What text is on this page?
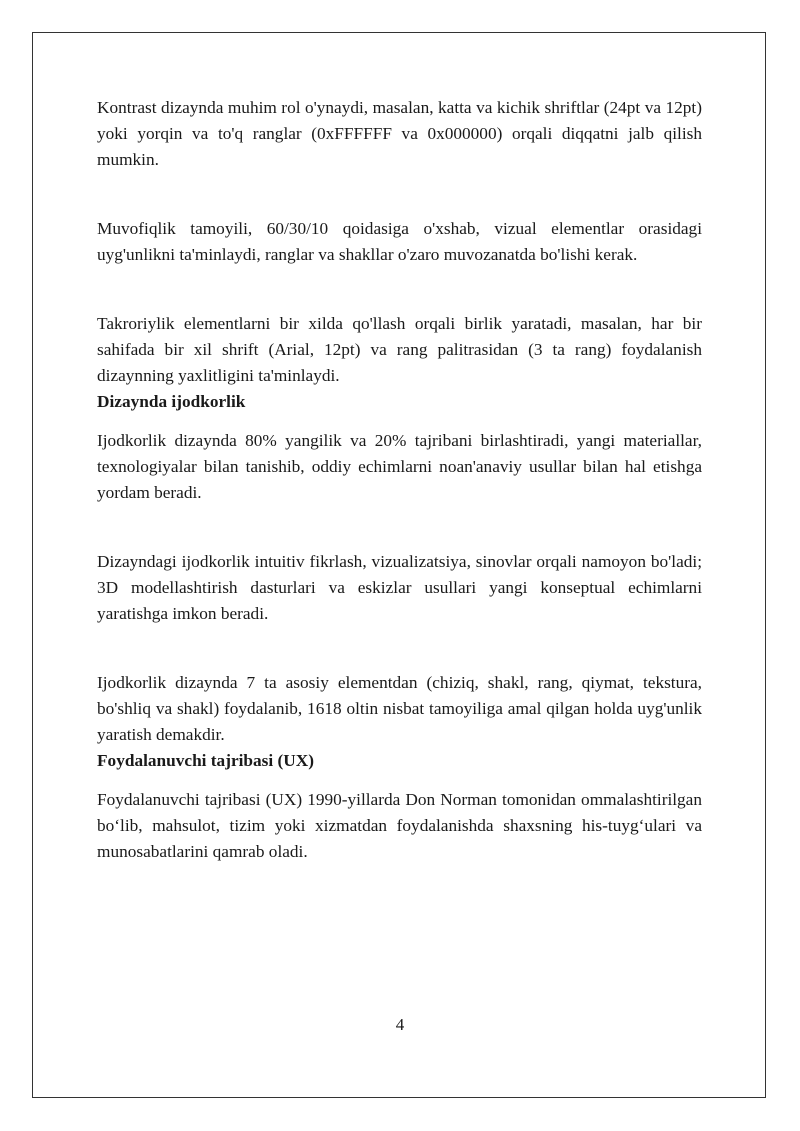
Kontrast dizaynda muhim rol o'ynaydi, masalan, katta va kichik shriftlar (24pt va 12pt) yoki yorqin va to'q ranglar (0xFFFFFF va 0x000000) orqali diqqatni jalb qilish mumkin.

Muvofiqlik tamoyili, 60/30/10 qoidasiga o'xshab, vizual elementlar orasidagi uyg'unlikni ta'minlaydi, ranglar va shakllar o'zaro muvozanatda bo'lishi kerak.

Takroriylik elementlarni bir xilda qo'llash orqali birlik yaratadi, masalan, har bir sahifada bir xil shrift (Arial, 12pt) va rang palitrasidan (3 ta rang) foydalanish dizaynning yaxlitligini ta'minlaydi.

Dizaynda ijodkorlik

Ijodkorlik dizaynda 80% yangilik va 20% tajribani birlashtiradi, yangi materiallar, texnologiyalar bilan tanishib, oddiy echimlarni noan'anaviy usullar bilan hal etishga yordam beradi.

Dizayndagi ijodkorlik intuitiv fikrlash, vizualizatsiya, sinovlar orqali namoyon bo'ladi; 3D modellashtirish dasturlari va eskizlar usullari yangi konseptual echimlarni yaratishga imkon beradi.

Ijodkorlik dizaynda 7 ta asosiy elementdan (chiziq, shakl, rang, qiymat, tekstura, bo'shliq va shakl) foydalanib, 1618 oltin nisbat tamoyiliga amal qilgan holda uyg'unlik yaratish demakdir.

Foydalanuvchi tajribasi (UX)

Foydalanuvchi tajribasi (UX) 1990-yillarda Don Norman tomonidan ommalashtirilgan bo‘lib, mahsulot, tizim yoki xizmatdan foydalanishda shaxsning his-tuyg‘ulari va munosabatlarini qamrab oladi.

4
